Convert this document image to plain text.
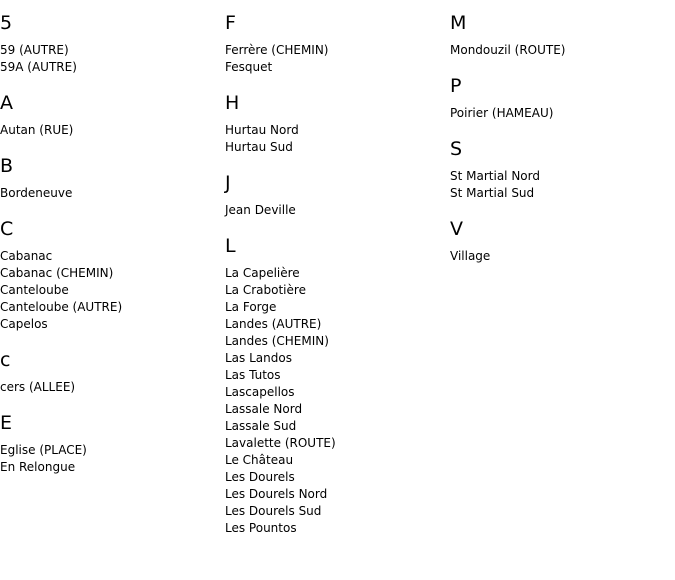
5
59 (AUTRE)
59A (AUTRE)
A
Autan (RUE)
B
Bordeneuve
C
Cabanac
Cabanac (CHEMIN)
Canteloube
Canteloube (AUTRE)
Capelos
c
cers (ALLEE)
E
Eglise (PLACE)
En Relongue
F
Ferrère (CHEMIN)
Fesquet
H
Hurtau Nord
Hurtau Sud
J
Jean Deville
L
La Capelière
La Crabotière
La Forge
Landes (AUTRE)
Landes (CHEMIN)
Las Landos
Las Tutos
Lascapellos
Lassale Nord
Lassale Sud
Lavalette (ROUTE)
Le Château
Les Dourels
Les Dourels Nord
Les Dourels Sud
Les Pountos
M
Mondouzil (ROUTE)
P
Poirier (HAMEAU)
S
St Martial Nord
St Martial Sud
V
Village
